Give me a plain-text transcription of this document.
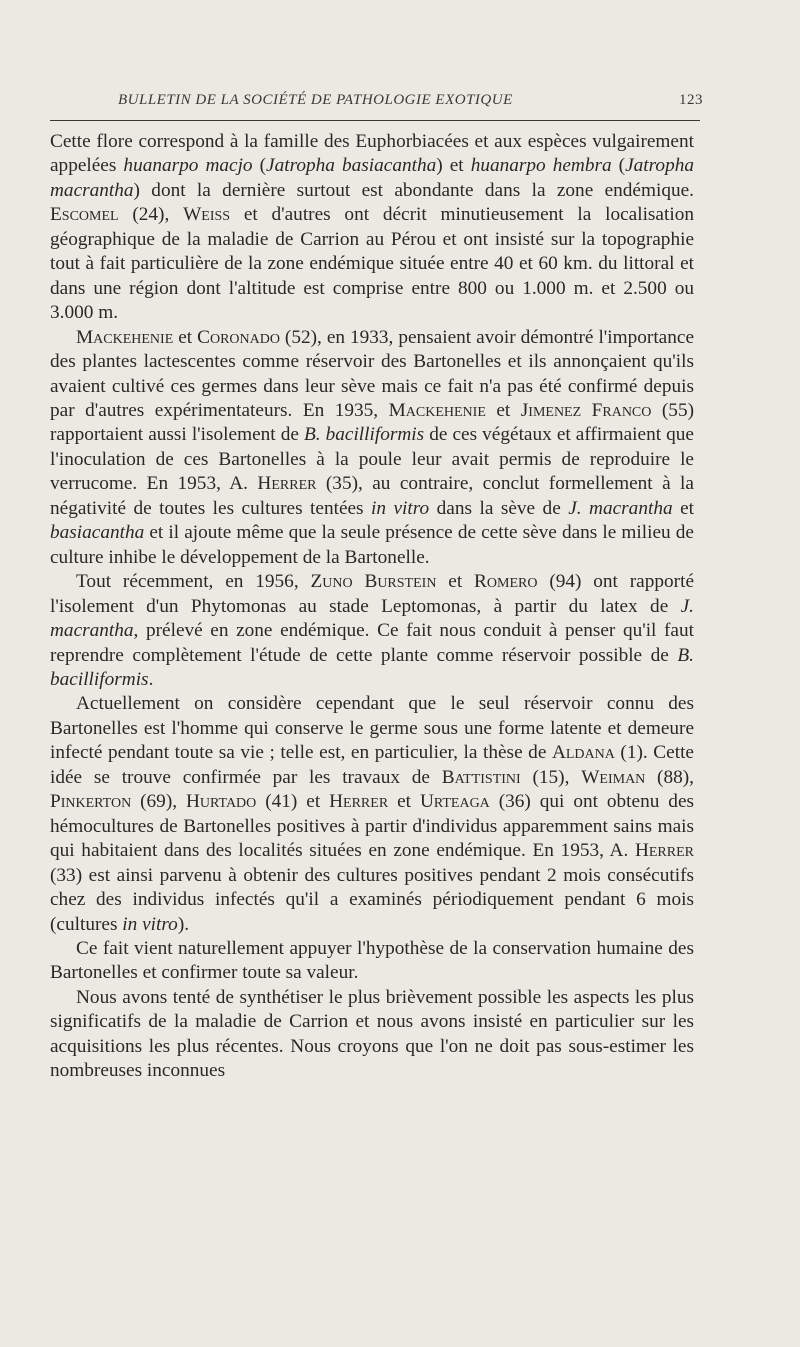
BULLETIN DE LA SOCIÉTÉ DE PATHOLOGIE EXOTIQUE	123

Cette flore correspond à la famille des Euphorbiacées et aux espèces vulgairement appelées huanarpo macjo (Jatropha basiacantha) et huanarpo hembra (Jatropha macrantha) dont la dernière surtout est abondante dans la zone endémique. Escomel (24), Weiss et d'autres ont décrit minutieusement la localisation géographique de la maladie de Carrion au Pérou et ont insisté sur la topographie tout à fait particulière de la zone endémique située entre 40 et 60 km. du littoral et dans une région dont l'altitude est comprise entre 800 ou 1.000 m. et 2.500 ou 3.000 m.

Mackehenie et Coronado (52), en 1933, pensaient avoir démontré l'importance des plantes lactescentes comme réservoir des Bartonelles et ils annonçaient qu'ils avaient cultivé ces germes dans leur sève mais ce fait n'a pas été confirmé depuis par d'autres expérimentateurs. En 1935, Mackehenie et Jimenez Franco (55) rapportaient aussi l'isolement de B. bacilliformis de ces végétaux et affirmaient que l'inoculation de ces Bartonelles à la poule leur avait permis de reproduire le verrucome. En 1953, A. Herrer (35), au contraire, conclut formellement à la négativité de toutes les cultures tentées in vitro dans la sève de J. macrantha et basiacantha et il ajoute même que la seule présence de cette sève dans le milieu de culture inhibe le développement de la Bartonelle.

Tout récemment, en 1956, Zuno Burstein et Romero (94) ont rapporté l'isolement d'un Phytomonas au stade Leptomonas, à partir du latex de J. macrantha, prélevé en zone endémique. Ce fait nous conduit à penser qu'il faut reprendre complètement l'étude de cette plante comme réservoir possible de B. bacilliformis.

Actuellement on considère cependant que le seul réservoir connu des Bartonelles est l'homme qui conserve le germe sous une forme latente et demeure infecté pendant toute sa vie ; telle est, en particulier, la thèse de Aldana (1). Cette idée se trouve confirmée par les travaux de Battistini (15), Weiman (88), Pinkerton (69), Hurtado (41) et Herrer et Urteaga (36) qui ont obtenu des hémocultures de Bartonelles positives à partir d'individus apparemment sains mais qui habitaient dans des localités situées en zone endémique. En 1953, A. Herrer (33) est ainsi parvenu à obtenir des cultures positives pendant 2 mois consécutifs chez des individus infectés qu'il a examinés périodiquement pendant 6 mois (cultures in vitro).

Ce fait vient naturellement appuyer l'hypothèse de la conservation humaine des Bartonelles et confirmer toute sa valeur.

Nous avons tenté de synthétiser le plus brièvement possible les aspects les plus significatifs de la maladie de Carrion et nous avons insisté en particulier sur les acquisitions les plus récentes. Nous croyons que l'on ne doit pas sous-estimer les nombreuses inconnues
